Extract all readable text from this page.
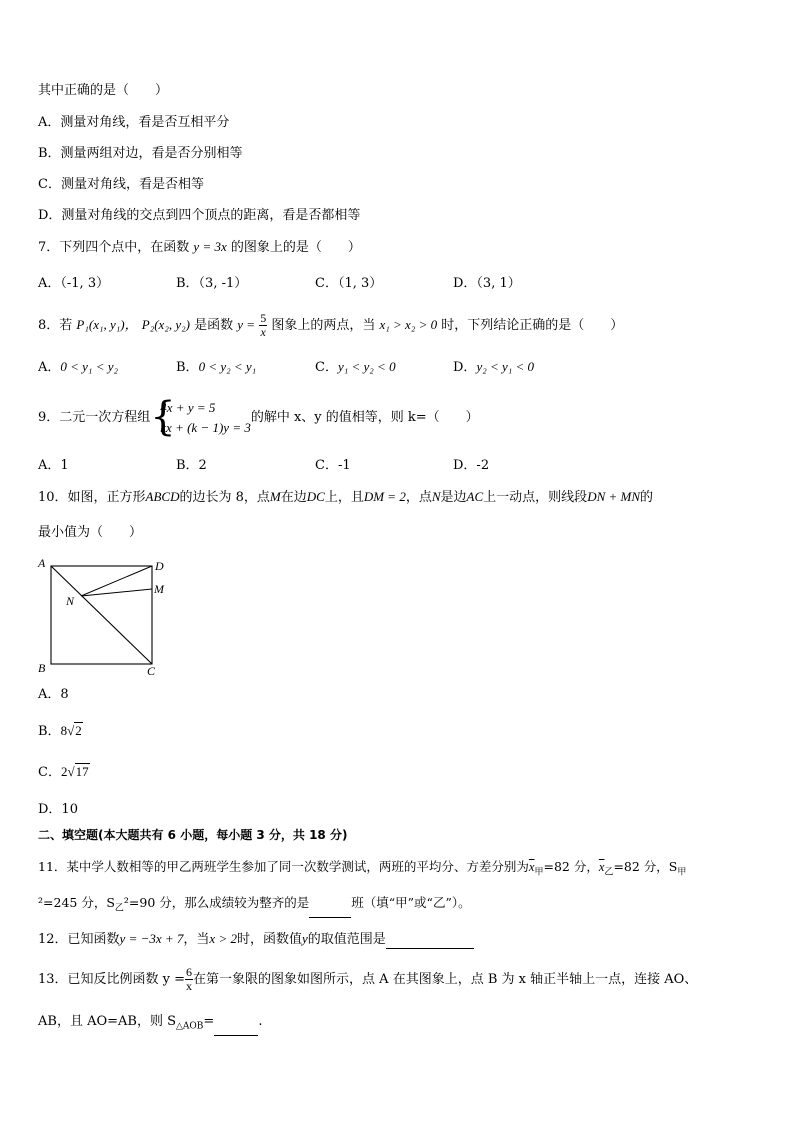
其中正确的是（　　）
A．测量对角线，看是否互相平分
B．测量两组对边，看是否分别相等
C．测量对角线，看是否相等
D．测量对角线的交点到四个顶点的距离，看是否都相等
7．下列四个点中，在函数 y = 3x 的图象上的是（　　）
A．（-1, 3）	B．（3, -1）	C．（1, 3）	D．（3, 1）
8．若 P₁(x₁, y₁)， P₂(x₂, y₂) 是函数 $y = \frac{5}{x}$ 图象上的两点，当 x₁ > x₂ > 0 时，下列结论正确的是（　　）
A．0 < y₁ < y₂	B．0 < y₂ < y₁	C．y₁ < y₂ < 0	D．y₂ < y₁ < 0
9．二元一次方程组 {
4x + y = 5
kx + (k − 1)y = 3
的解中 x、y 的值相等，则 k=（　　）
A．1	B．2	C．-1	D．-2
10．如图，正方形ABCD的边长为 8，点M在边DC上，且DM = 2，点N是边AC上一动点，则线段DN + MN的
最小值为（　　）
A	D
M
N
B	C
A．8
B．8√2
C．2√17
D．10
二、填空题(本大题共有 6 小题，每小题 3 分，共 18 分)
11．某中学人数相等的甲乙两班学生参加了同一次数学测试，两班的平均分、方差分别为$\overline{x}_甲=82$ 分，$\overline{x}_乙=82$ 分，$S_甲$
²=245 分，$S_乙^2=90$ 分，那么成绩较为整齐的是	班（填“甲”或“乙”）。
12．已知函数y = −3x + 7，当x > 2时，函数值y的取值范围是
13．已知反比例函数 $y = \frac{6}{x}$ 在第一象限的图象如图所示，点 A 在其图象上，点 B 为 x 轴正半轴上一点，连接 AO、
AB，且 AO=AB，则 $S_{\triangle AOB}=$	.
